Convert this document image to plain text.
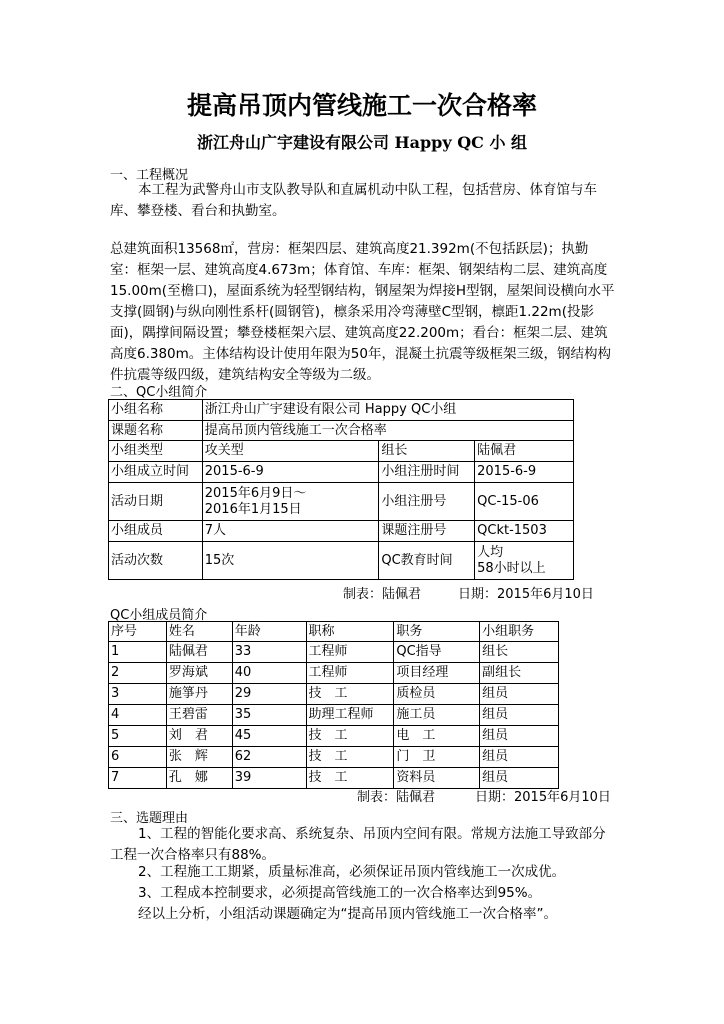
提高吊顶内管线施工一次合格率
浙江舟山广宇建设有限公司 Happy QC 小 组
一、工程概况
本工程为武警舟山市支队教导队和直属机动中队工程，包括营房、体育馆与车库、攀登楼、看台和执勤室。
总建筑面积13568㎡，营房：框架四层、建筑高度21.392m(不包括跃层)；执勤室：框架一层、建筑高度4.673m；体育馆、车库：框架、钢架结构二层、建筑高度15.00m(至檐口)，屋面系统为轻型钢结构，钢屋架为焊接H型钢，屋架间设横向水平支撑(圆钢)与纵向刚性系杆(圆钢管)，檩条采用冷弯薄壁C型钢，檩距1.22m(投影面)，隅撑间隔设置；攀登楼框架六层、建筑高度22.200m；看台：框架二层、建筑高度6.380m。主体结构设计使用年限为50年，混凝土抗震等级框架三级，钢结构构件抗震等级四级，建筑结构安全等级为二级。
二、QC小组简介
小组名称	浙江舟山广宇建设有限公司 Happy QC小组		
课题名称	提高吊顶内管线施工一次合格率		
小组类型	攻关型	组长	陆佩君
小组成立时间	2015-6-9	小组注册时间	2015-6-9
活动日期	2015年6月9日～
2016年1月15日	小组注册号	QC-15-06
小组成员	7人	课题注册号	QCkt-1503
活动次数	15次	QC教育时间	人均
58小时以上
制表：陆佩君	日期：2015年6月10日
QC小组成员简介
序号	姓名	年龄	职称	职务	小组职务
1	陆佩君	33	工程师	QC指导	组长
2	罗海斌	40	工程师	项目经理	副组长
3	施箏丹	29	技　工	质检员	组员
4	王碧雷	35	助理工程师	施工员	组员
5	刘　君	45	技　工	电　工	组员
6	张　辉	62	技　工	门　卫	组员
7	孔　娜	39	技　工	资料员	组员
制表：陆佩君	日期：2015年6月10日
三、选题理由
1、工程的智能化要求高、系统复杂、吊顶内空间有限。常规方法施工导致部分工程一次合格率只有88%。
2、工程施工工期紧，质量标准高，必须保证吊顶内管线施工一次成优。
3、工程成本控制要求，必须提高管线施工的一次合格率达到95%。
经以上分析，小组活动课题确定为“提高吊顶内管线施工一次合格率”。
